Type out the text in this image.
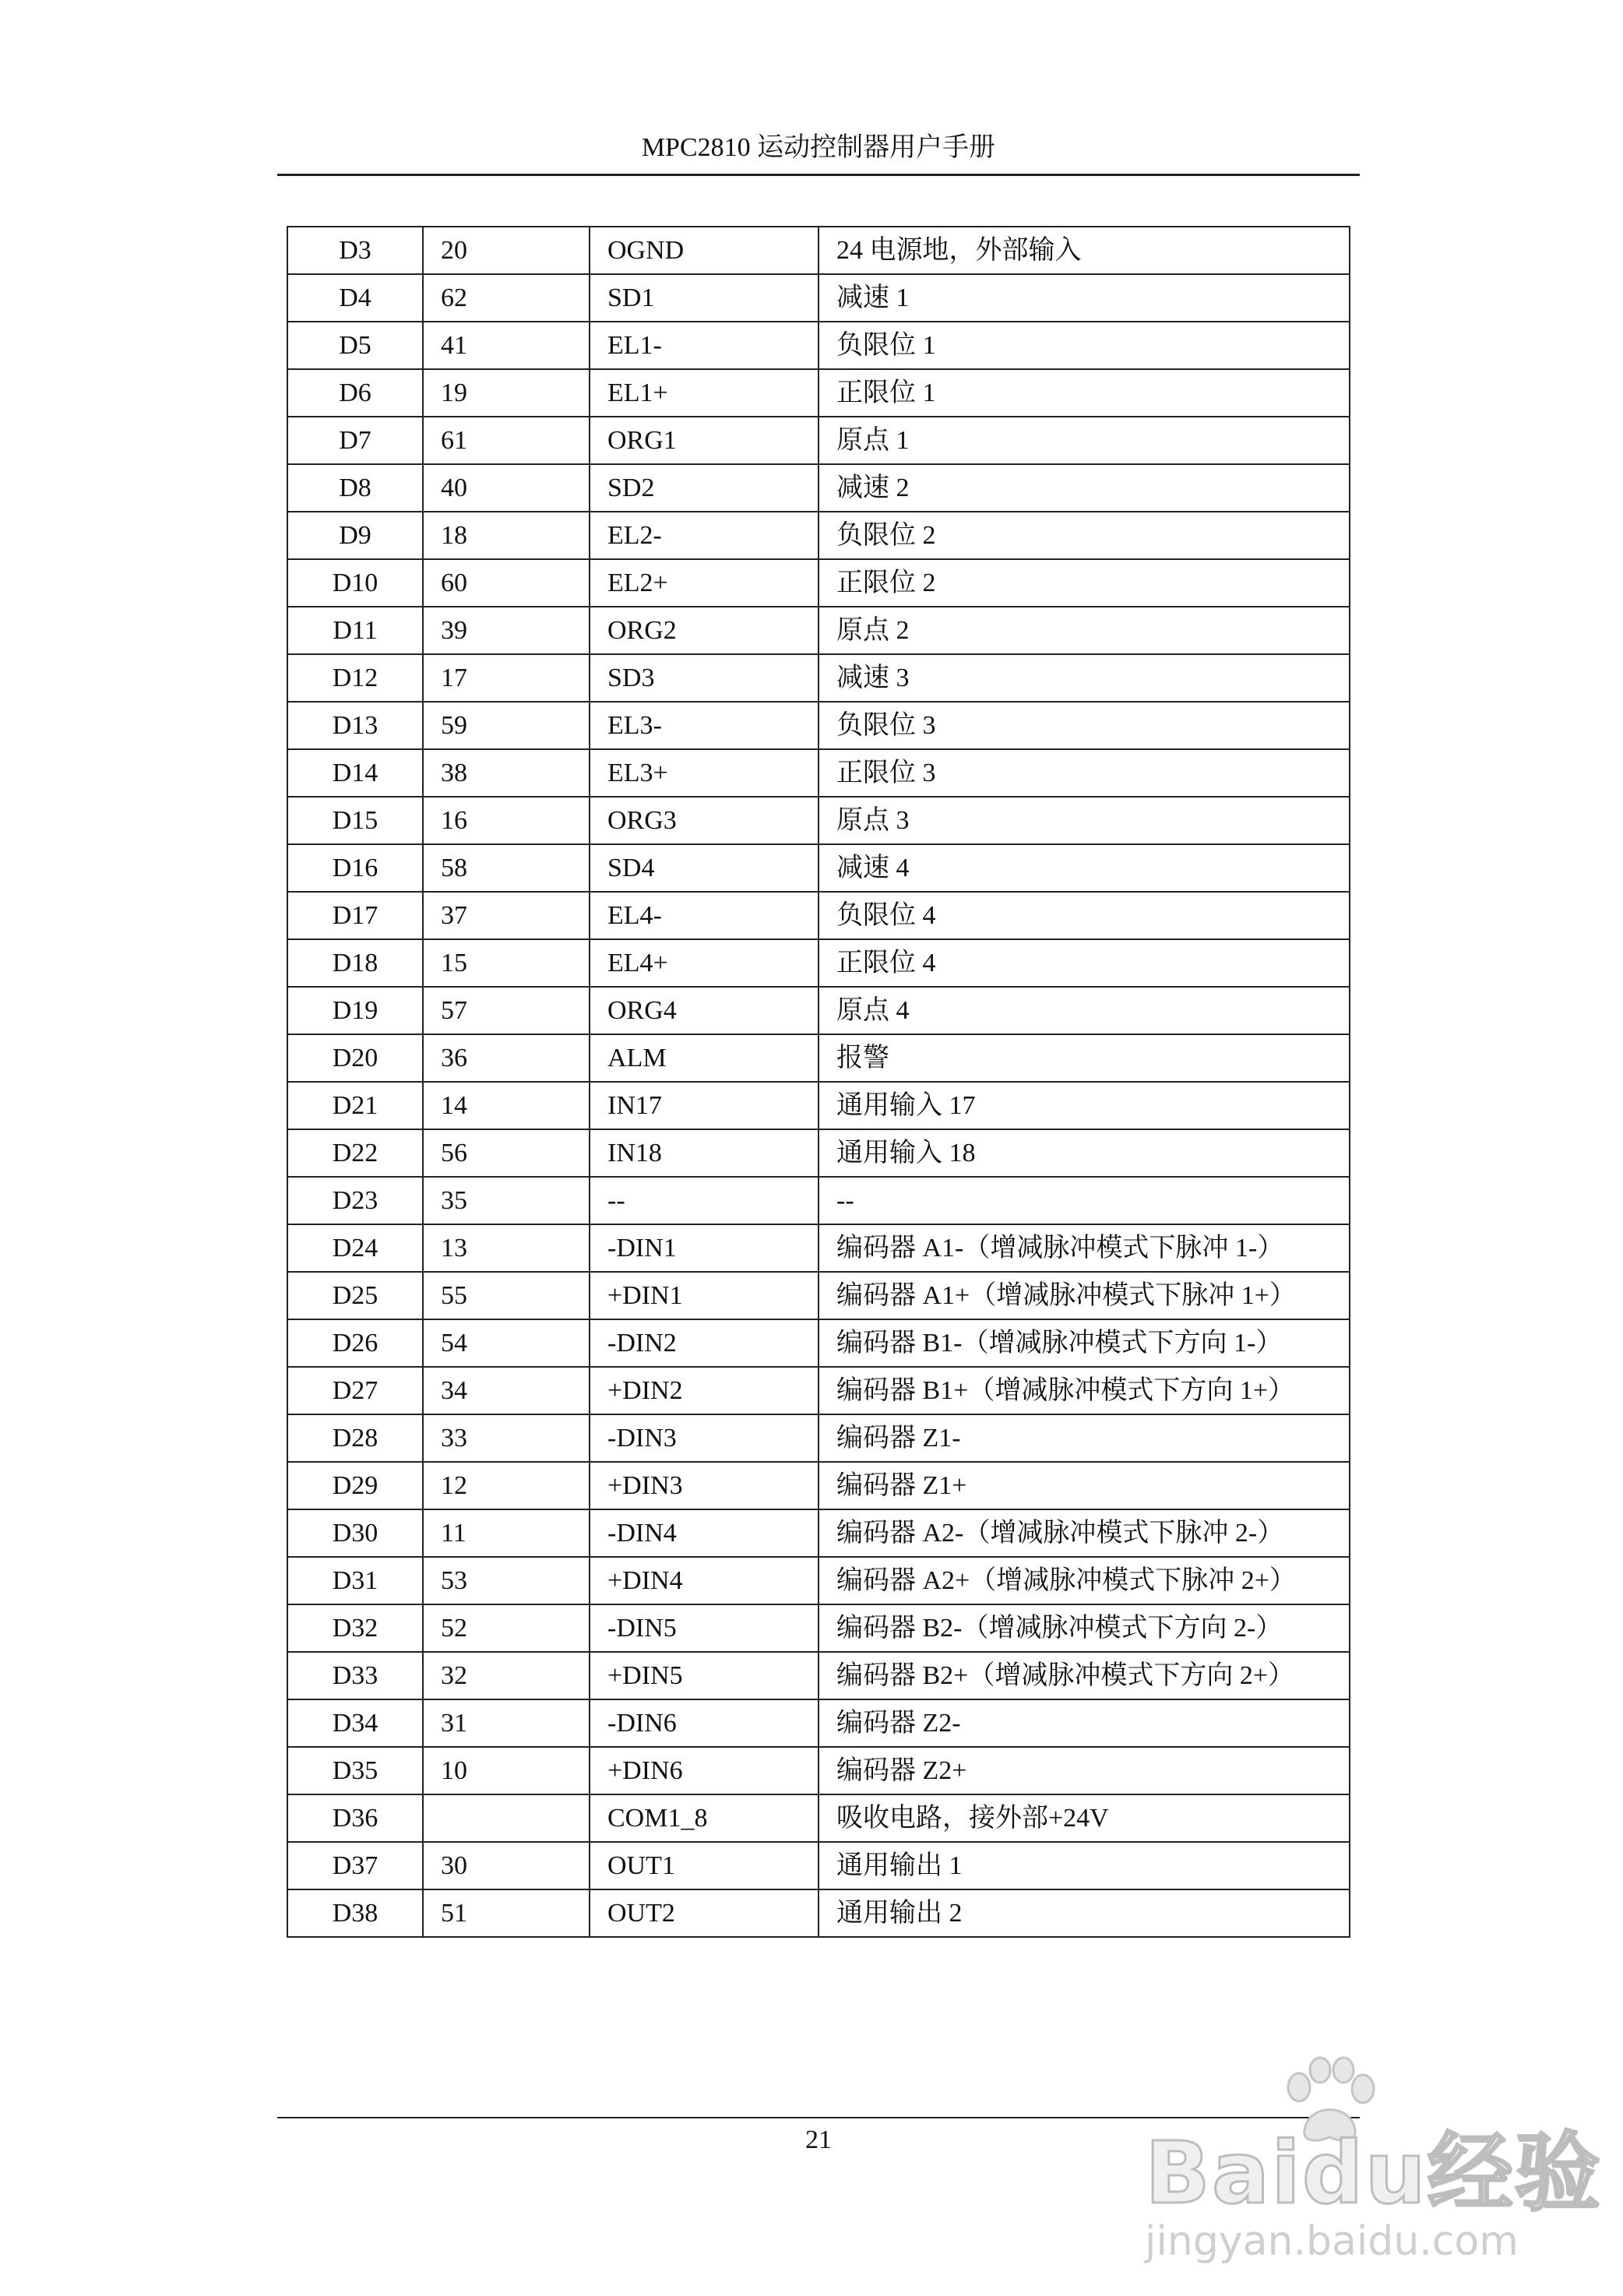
MPC2810 运动控制器用户手册
D3	20	OGND	24 电源地，外部输入
D4	62	SD1	减速 1
D5	41	EL1-	负限位 1
D6	19	EL1+	正限位 1
D7	61	ORG1	原点 1
D8	40	SD2	减速 2
D9	18	EL2-	负限位 2
D10	60	EL2+	正限位 2
D11	39	ORG2	原点 2
D12	17	SD3	减速 3
D13	59	EL3-	负限位 3
D14	38	EL3+	正限位 3
D15	16	ORG3	原点 3
D16	58	SD4	减速 4
D17	37	EL4-	负限位 4
D18	15	EL4+	正限位 4
D19	57	ORG4	原点 4
D20	36	ALM	报警
D21	14	IN17	通用输入 17
D22	56	IN18	通用输入 18
D23	35	--	--
D24	13	-DIN1	编码器 A1-（增减脉冲模式下脉冲 1-）
D25	55	+DIN1	编码器 A1+（增减脉冲模式下脉冲 1+）
D26	54	-DIN2	编码器 B1-（增减脉冲模式下方向 1-）
D27	34	+DIN2	编码器 B1+（增减脉冲模式下方向 1+）
D28	33	-DIN3	编码器 Z1-
D29	12	+DIN3	编码器 Z1+
D30	11	-DIN4	编码器 A2-（增减脉冲模式下脉冲 2-）
D31	53	+DIN4	编码器 A2+（增减脉冲模式下脉冲 2+）
D32	52	-DIN5	编码器 B2-（增减脉冲模式下方向 2-）
D33	32	+DIN5	编码器 B2+（增减脉冲模式下方向 2+）
D34	31	-DIN6	编码器 Z2-
D35	10	+DIN6	编码器 Z2+
D36		COM1_8	吸收电路，接外部+24V
D37	30	OUT1	通用输出 1
D38	51	OUT2	通用输出 2
21	Baidu经验
jingyan.baidu.com
